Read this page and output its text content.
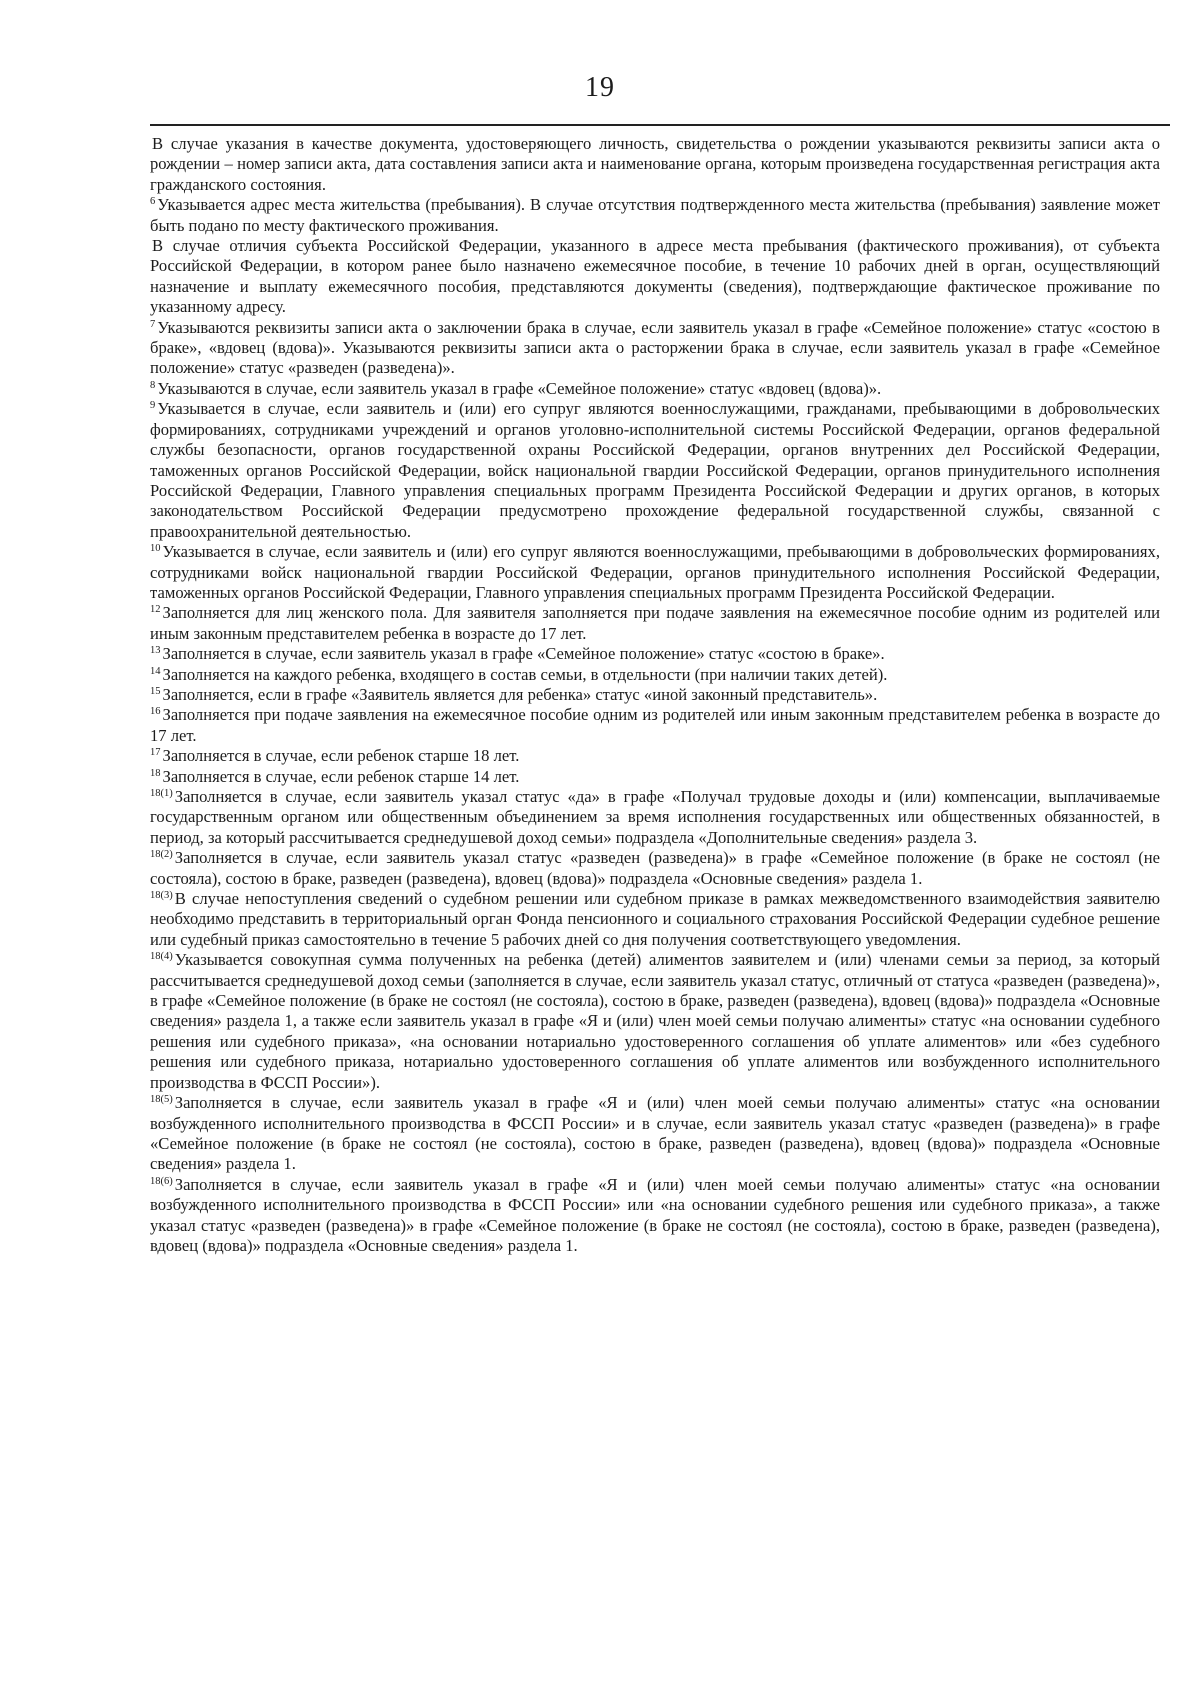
19

В случае указания в качестве документа, удостоверяющего личность, свидетельства о рождении указываются реквизиты записи акта о рождении – номер записи акта, дата составления записи акта и наименование органа, которым произведена государственная регистрация акта гражданского состояния.

$^6$ Указывается адрес места жительства (пребывания). В случае отсутствия подтвержденного места жительства (пребывания) заявление может быть подано по месту фактического проживания.

В случае отличия субъекта Российской Федерации, указанного в адресе места пребывания (фактического проживания), от субъекта Российской Федерации, в котором ранее было назначено ежемесячное пособие, в течение 10 рабочих дней в орган, осуществляющий назначение и выплату ежемесячного пособия, представляются документы (сведения), подтверждающие фактическое проживание по указанному адресу.

$^7$ Указываются реквизиты записи акта о заключении брака в случае, если заявитель указал в графе «Семейное положение» статус «состою в браке», «вдовец (вдова)». Указываются реквизиты записи акта о расторжении брака в случае, если заявитель указал в графе «Семейное положение» статус «разведен (разведена)».

$^8$ Указываются в случае, если заявитель указал в графе «Семейное положение» статус «вдовец (вдова)».

$^9$ Указывается в случае, если заявитель и (или) его супруг являются военнослужащими, гражданами, пребывающими в добровольческих формированиях, сотрудниками учреждений и органов уголовно-исполнительной системы Российской Федерации, органов федеральной службы безопасности, органов государственной охраны Российской Федерации, органов внутренних дел Российской Федерации, таможенных органов Российской Федерации, войск национальной гвардии Российской Федерации, органов принудительного исполнения Российской Федерации, Главного управления специальных программ Президента Российской Федерации и других органов, в которых законодательством Российской Федерации предусмотрено прохождение федеральной государственной службы, связанной с правоохранительной деятельностью.

$^{10}$ Указывается в случае, если заявитель и (или) его супруг являются военнослужащими, пребывающими в добровольческих формированиях, сотрудниками войск национальной гвардии Российской Федерации, органов принудительного исполнения Российской Федерации, таможенных органов Российской Федерации, Главного управления специальных программ Президента Российской Федерации.

$^{12}$ Заполняется для лиц женского пола. Для заявителя заполняется при подаче заявления на ежемесячное пособие одним из родителей или иным законным представителем ребенка в возрасте до 17 лет.

$^{13}$ Заполняется в случае, если заявитель указал в графе «Семейное положение» статус «состою в браке».

$^{14}$ Заполняется на каждого ребенка, входящего в состав семьи, в отдельности (при наличии таких детей).

$^{15}$ Заполняется, если в графе «Заявитель является для ребенка» статус «иной законный представитель».

$^{16}$ Заполняется при подаче заявления на ежемесячное пособие одним из родителей или иным законным представителем ребенка в возрасте до 17 лет.

$^{17}$ Заполняется в случае, если ребенок старше 18 лет.

$^{18}$ Заполняется в случае, если ребенок старше 14 лет.

$^{18(1)}$ Заполняется в случае, если заявитель указал статус «да» в графе «Получал трудовые доходы и (или) компенсации, выплачиваемые государственным органом или общественным объединением за время исполнения государственных или общественных обязанностей, в период, за который рассчитывается среднедушевой доход семьи» подраздела «Дополнительные сведения» раздела 3.

$^{18(2)}$ Заполняется в случае, если заявитель указал статус «разведен (разведена)» в графе «Семейное положение (в браке не состоял (не состояла), состою в браке, разведен (разведена), вдовец (вдова)» подраздела «Основные сведения» раздела 1.

$^{18(3)}$ В случае непоступления сведений о судебном решении или судебном приказе в рамках межведомственного взаимодействия заявителю необходимо представить в территориальный орган Фонда пенсионного и социального страхования Российской Федерации судебное решение или судебный приказ самостоятельно в течение 5 рабочих дней со дня получения соответствующего уведомления.

$^{18(4)}$ Указывается совокупная сумма полученных на ребенка (детей) алиментов заявителем и (или) членами семьи за период, за который рассчитывается среднедушевой доход семьи (заполняется в случае, если заявитель указал статус, отличный от статуса «разведен (разведена)», в графе «Семейное положение (в браке не состоял (не состояла), состою в браке, разведен (разведена), вдовец (вдова)» подраздела «Основные сведения» раздела 1, а также если заявитель указал в графе «Я и (или) член моей семьи получаю алименты» статус «на основании судебного решения или судебного приказа», «на основании нотариально удостоверенного соглашения об уплате алиментов» или «без судебного решения или судебного приказа, нотариально удостоверенного соглашения об уплате алиментов или возбужденного исполнительного производства в ФССП России»).

$^{18(5)}$ Заполняется в случае, если заявитель указал в графе «Я и (или) член моей семьи получаю алименты» статус «на основании возбужденного исполнительного производства в ФССП России» и в случае, если заявитель указал статус «разведен (разведена)» в графе «Семейное положение (в браке не состоял (не состояла), состою в браке, разведен (разведена), вдовец (вдова)» подраздела «Основные сведения» раздела 1.

$^{18(6)}$ Заполняется в случае, если заявитель указал в графе «Я и (или) член моей семьи получаю алименты» статус «на основании возбужденного исполнительного производства в ФССП России» или «на основании судебного решения или судебного приказа», а также указал статус «разведен (разведена)» в графе «Семейное положение (в браке не состоял (не состояла), состою в браке, разведен (разведена), вдовец (вдова)» подраздела «Основные сведения» раздела 1.
